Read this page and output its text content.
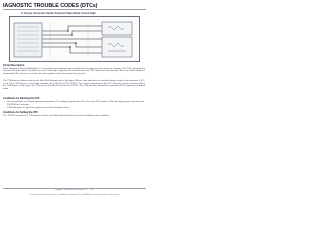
UNITED TRUCK OPERATOR SERVICE SERVICE MANUAL - ALLISON 1000/2000 SERIES/S
IAGNOSTIC TROUBLE CODES (DTCs)
A Torque Converter Clutch Solenoid Valve Mode Circuit High
Circuit Description
Since Solenoid is Normal (Mode Blue) is a normally closed solenoid used to modulate the transmission from pressure chamber. The TCM commands the solenoid ON when specific conditions are met. Continuity is applied to the solenoid when the TCM selects the solenoid state. When the mode solenoid is commanded ON, pressure is routed to the main regulator valve lowering the line pressure.
The TCM detects a failure mode for the Main Shift Solenoid with a high signal. When a high side driver or solenoid voltage is higher than expected, a DTC is set. If the TCM detects a circuit high condition, the TCM will set DTC P0XXX. The circuit is monitored for this DTC when the vehicle is running. When the TCM detects a high signal, the TCM will turn the MIL ON and set DTC P0XXX. The TCM will also command the solenoid OFF and operate in a default mode.
Conditions for Running the DTC
• The transmission is at normal operating temperature. The voltage is greater than 9V or less than 18V. Ignition is ON and engine speed is greater than 200 RPM for 5 seconds.
• TCM determines a high or low signal on one of the solenoid circuits.
Conditions for Setting the DTC
DTC P0XXX sets when the TCM detects a failure in the Main Shift Solenoid circuit after the following test conditions.
Copyright © 2009 Allison Transmission, Inc. 3-13
Do you need to know the features to use the Allison Transmission? Try all the Allison Transmission Service Tools products
